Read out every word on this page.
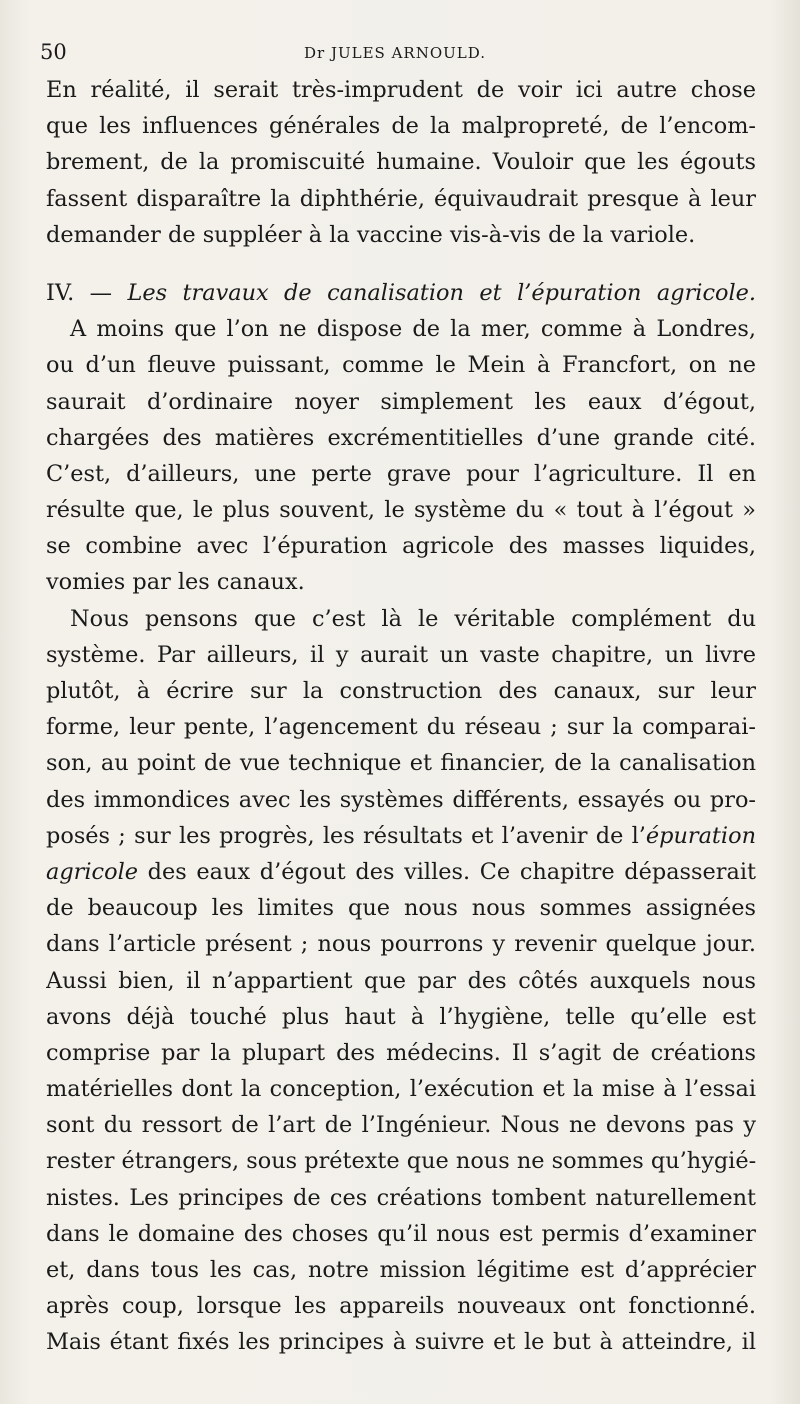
50	Dr JULES ARNOULD.
En réalité, il serait très-imprudent de voir ici autre chose
que les influences générales de la malpropreté, de l’encom-
brement, de la promiscuité humaine. Vouloir que les égouts
fassent disparaître la diphthérie, équivaudrait presque à leur
demander de suppléer à la vaccine vis-à-vis de la variole.
IV. — Les travaux de canalisation et l’épuration agricole.
A moins que l’on ne dispose de la mer, comme à Londres,
ou d’un fleuve puissant, comme le Mein à Francfort, on ne
saurait d’ordinaire noyer simplement les eaux d’égout,
chargées des matières excrémentitielles d’une grande cité.
C’est, d’ailleurs, une perte grave pour l’agriculture. Il en
résulte que, le plus souvent, le système du « tout à l’égout »
se combine avec l’épuration agricole des masses liquides,
vomies par les canaux.
Nous pensons que c’est là le véritable complément du
système. Par ailleurs, il y aurait un vaste chapitre, un livre
plutôt, à écrire sur la construction des canaux, sur leur
forme, leur pente, l’agencement du réseau ; sur la comparai-
son, au point de vue technique et financier, de la canalisation
des immondices avec les systèmes différents, essayés ou pro-
posés ; sur les progrès, les résultats et l’avenir de l’épuration
agricole des eaux d’égout des villes. Ce chapitre dépasserait
de beaucoup les limites que nous nous sommes assignées
dans l’article présent ; nous pourrons y revenir quelque jour.
Aussi bien, il n’appartient que par des côtés auxquels nous
avons déjà touché plus haut à l’hygiène, telle qu’elle est
comprise par la plupart des médecins. Il s’agit de créations
matérielles dont la conception, l’exécution et la mise à l’essai
sont du ressort de l’art de l’Ingénieur. Nous ne devons pas y
rester étrangers, sous prétexte que nous ne sommes qu’hygié-
nistes. Les principes de ces créations tombent naturellement
dans le domaine des choses qu’il nous est permis d’examiner
et, dans tous les cas, notre mission légitime est d’apprécier
après coup, lorsque les appareils nouveaux ont fonctionné.
Mais étant fixés les principes à suivre et le but à atteindre, il
